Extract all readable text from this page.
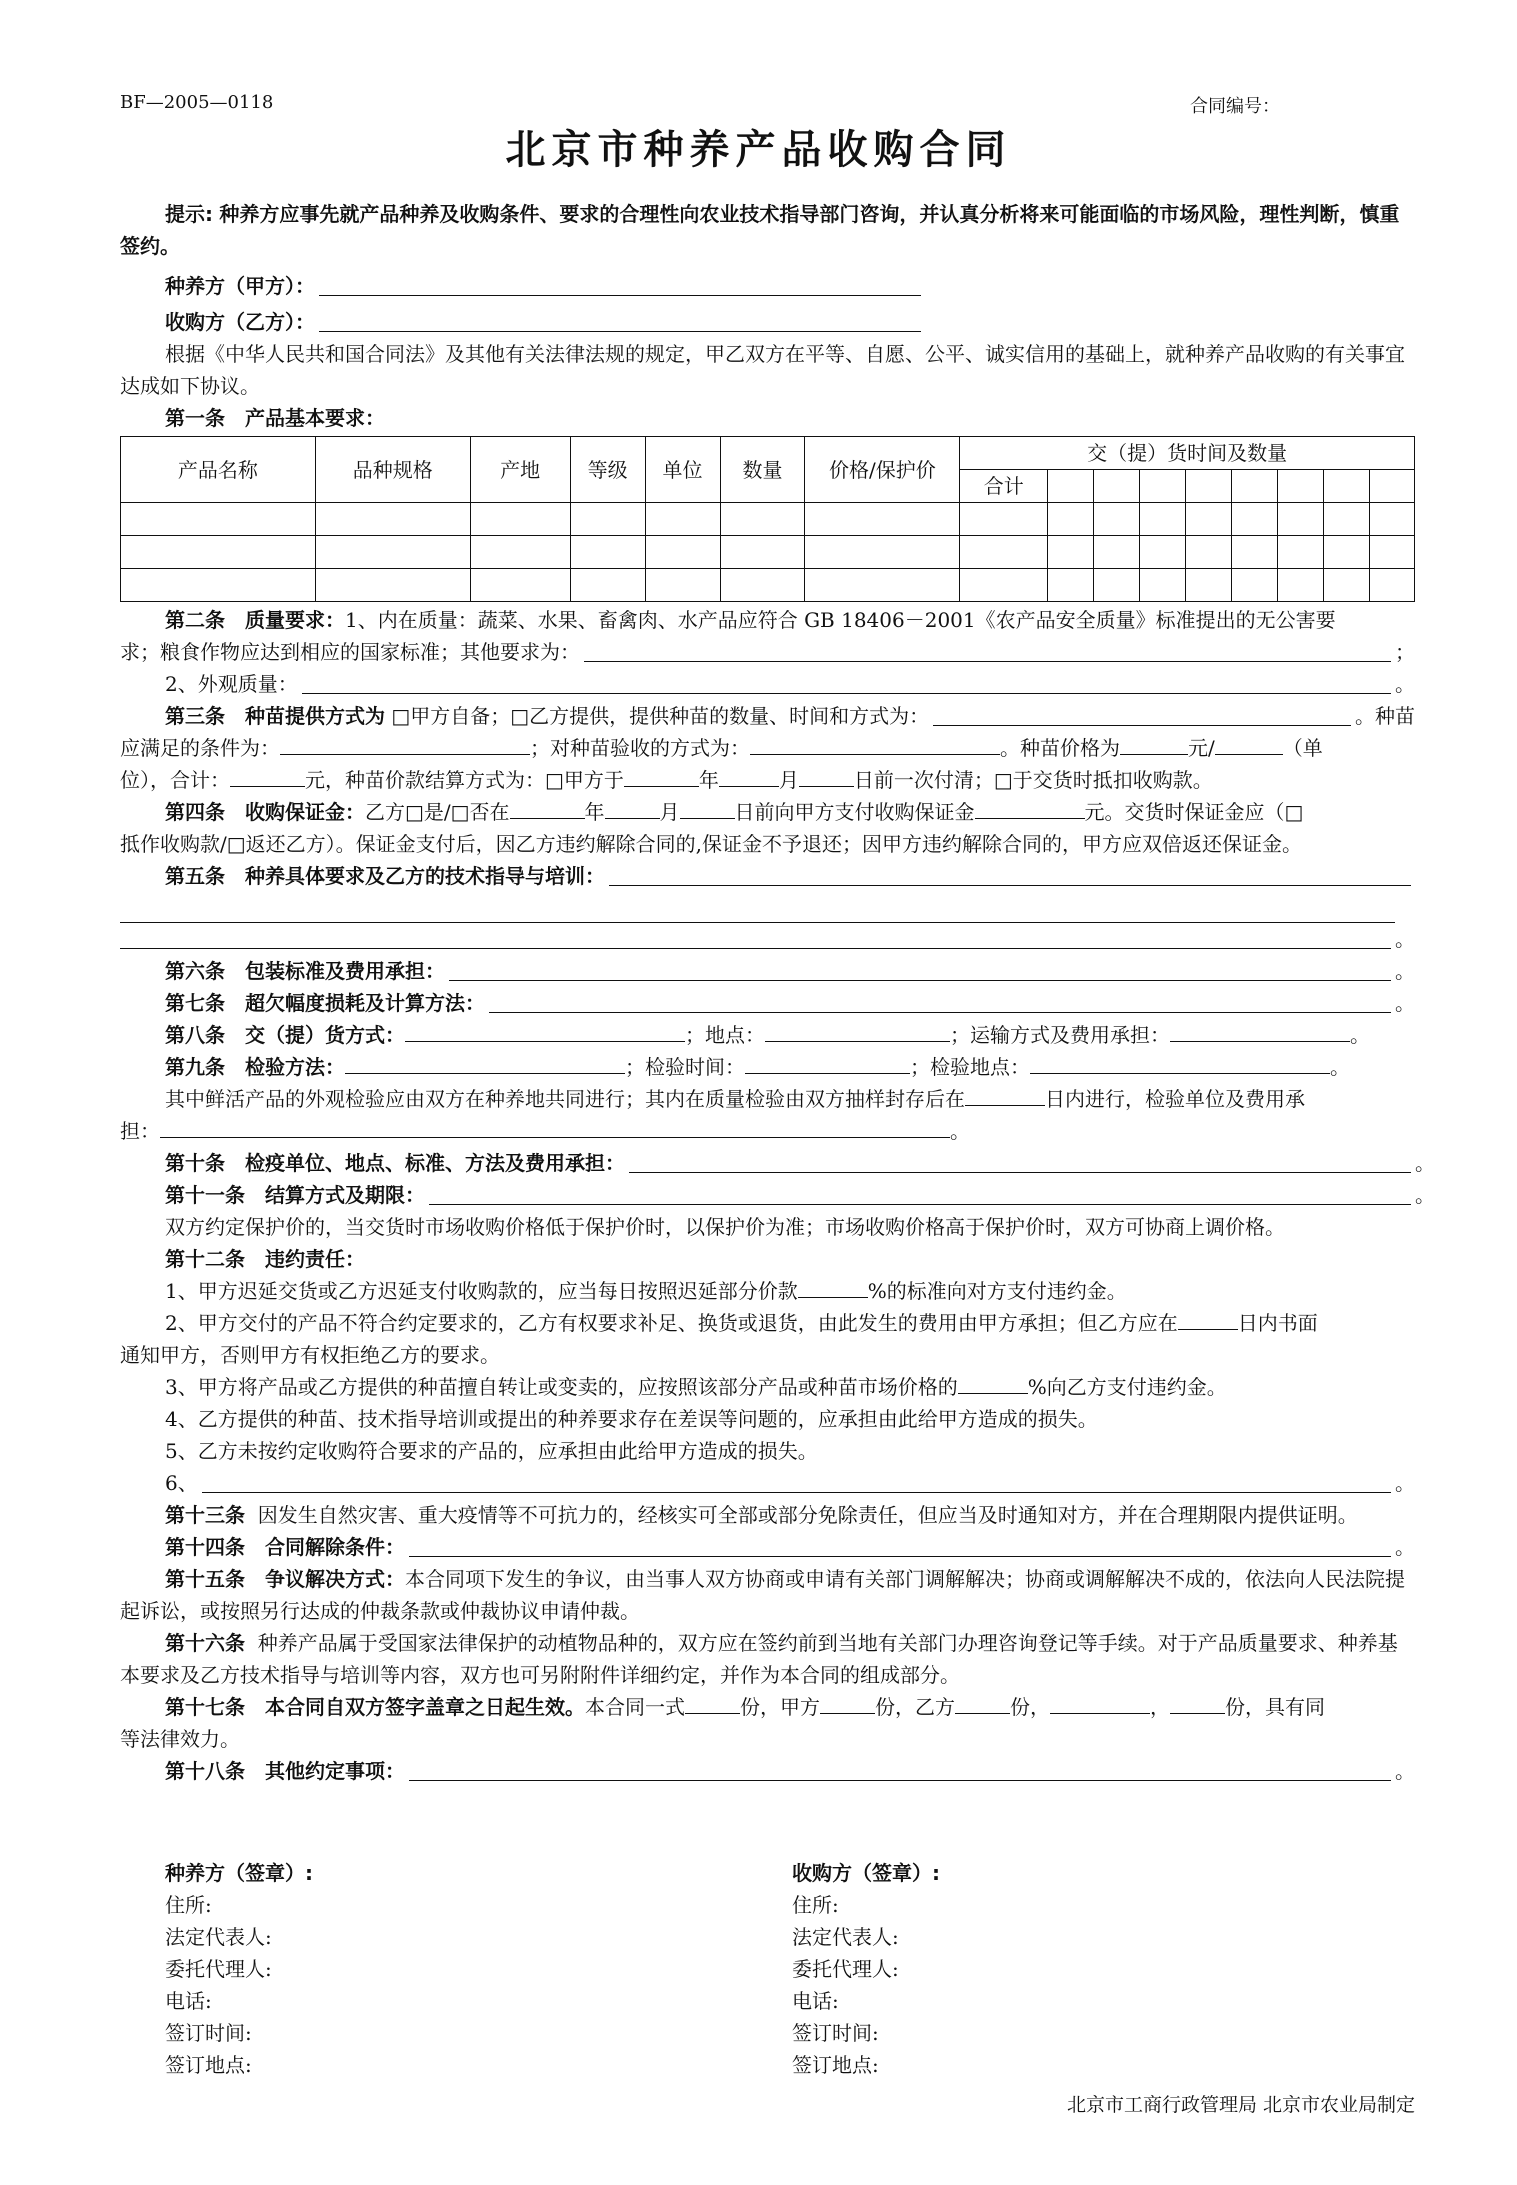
BF—2005—0118	合同编号：
北京市种养产品收购合同

提示: 种养方应事先就产品种养及收购条件、要求的合理性向农业技术指导部门咨询，并认真分析将来可能面临的市场风险，理性判断，慎重签约。

种养方（甲方）：
收购方（乙方）：

根据《中华人民共和国合同法》及其他有关法律法规的规定，甲乙双方在平等、自愿、公平、诚实信用的基础上，就种养产品收购的有关事宜达成如下协议。

第一条　产品基本要求：

产品名称	品种规格	产地	等级	单位	数量	价格/保护价	交（提）货时间及数量								
							合计								

第二条　质量要求：1、内在质量：蔬菜、水果、畜禽肉、水产品应符合 GB 18406－2001《农产品安全质量》标准提出的无公害要

求；粮食作物应达到相应的国家标准；其他要求为：	；
2、外观质量：	。
第三条　种苗提供方式为
□甲方自备；□乙方提供，提供种苗的数量、时间和方式为：	。种苗

应满足的条件为：	；对种苗验收的方式为：	。种苗价格为	元/	（单

位），合计：	元，种苗价款结算方式为：□甲方于	年	月	日前一次付清；□于交货时抵扣收购款。

第四条　收购保证金：乙方□是/□否在	年	月	日前向甲方支付收购保证金	元。交货时保证金应（□

抵作收购款/□返还乙方）。保证金支付后，因乙方违约解除合同的,保证金不予退还；因甲方违约解除合同的，甲方应双倍返还保证金。

第五条　种养具体要求及乙方的技术指导与培训：
。
第六条　包装标准及费用承担：	。
第七条　超欠幅度损耗及计算方法：	。

第八条　交（提）货方式：	；地点：	；运输方式及费用承担：	。

第九条　检验方法：	；检验时间：	；检验地点：	。

其中鲜活产品的外观检验应由双方在种养地共同进行；其内在质量检验由双方抽样封存后在	日内进行，检验单位及费用承

担：	。

第十条　检疫单位、地点、标准、方法及费用承担：	。
第十一条　结算方式及期限：	。

双方约定保护价的，当交货时市场收购价格低于保护价时，以保护价为准；市场收购价格高于保护价时，双方可协商上调价格。

第十二条　违约责任：

1、甲方迟延交货或乙方迟延支付收购款的，应当每日按照迟延部分价款	%的标准向对方支付违约金。

2、甲方交付的产品不符合约定要求的，乙方有权要求补足、换货或退货，由此发生的费用由甲方承担；但乙方应在	日内书面

通知甲方，否则甲方有权拒绝乙方的要求。

3、甲方将产品或乙方提供的种苗擅自转让或变卖的，应按照该部分产品或种苗市场价格的	%向乙方支付违约金。

4、乙方提供的种苗、技术指导培训或提出的种养要求存在差误等问题的，应承担由此给甲方造成的损失。

5、乙方未按约定收购符合要求的产品的，应承担由此给甲方造成的损失。

6、	。

第十三条 因发生自然灾害、重大疫情等不可抗力的，经核实可全部或部分免除责任，但应当及时通知对方，并在合理期限内提供证明。

第十四条　合同解除条件：	。

第十五条　争议解决方式：本合同项下发生的争议，由当事人双方协商或申请有关部门调解解决；协商或调解解决不成的，依法向人民法院提起诉讼，或按照另行达成的仲裁条款或仲裁协议申请仲裁。

第十六条 种养产品属于受国家法律保护的动植物品种的，双方应在签约前到当地有关部门办理咨询登记等手续。对于产品质量要求、种养基本要求及乙方技术指导与培训等内容，双方也可另附附件详细约定，并作为本合同的组成部分。

第十七条　本合同自双方签字盖章之日起生效。本合同一式	份，甲方	份，乙方	份，	，	份，具有同

等法律效力。

第十八条　其他约定事项：	。
种养方（签章）:
住所:
法定代表人:
委托代理人:
电话:
签订时间:
签订地点:
收购方（签章）:
住所:
法定代表人:
委托代理人:
电话:
签订时间:
签订地点:
北京市工商行政管理局 北京市农业局制定
